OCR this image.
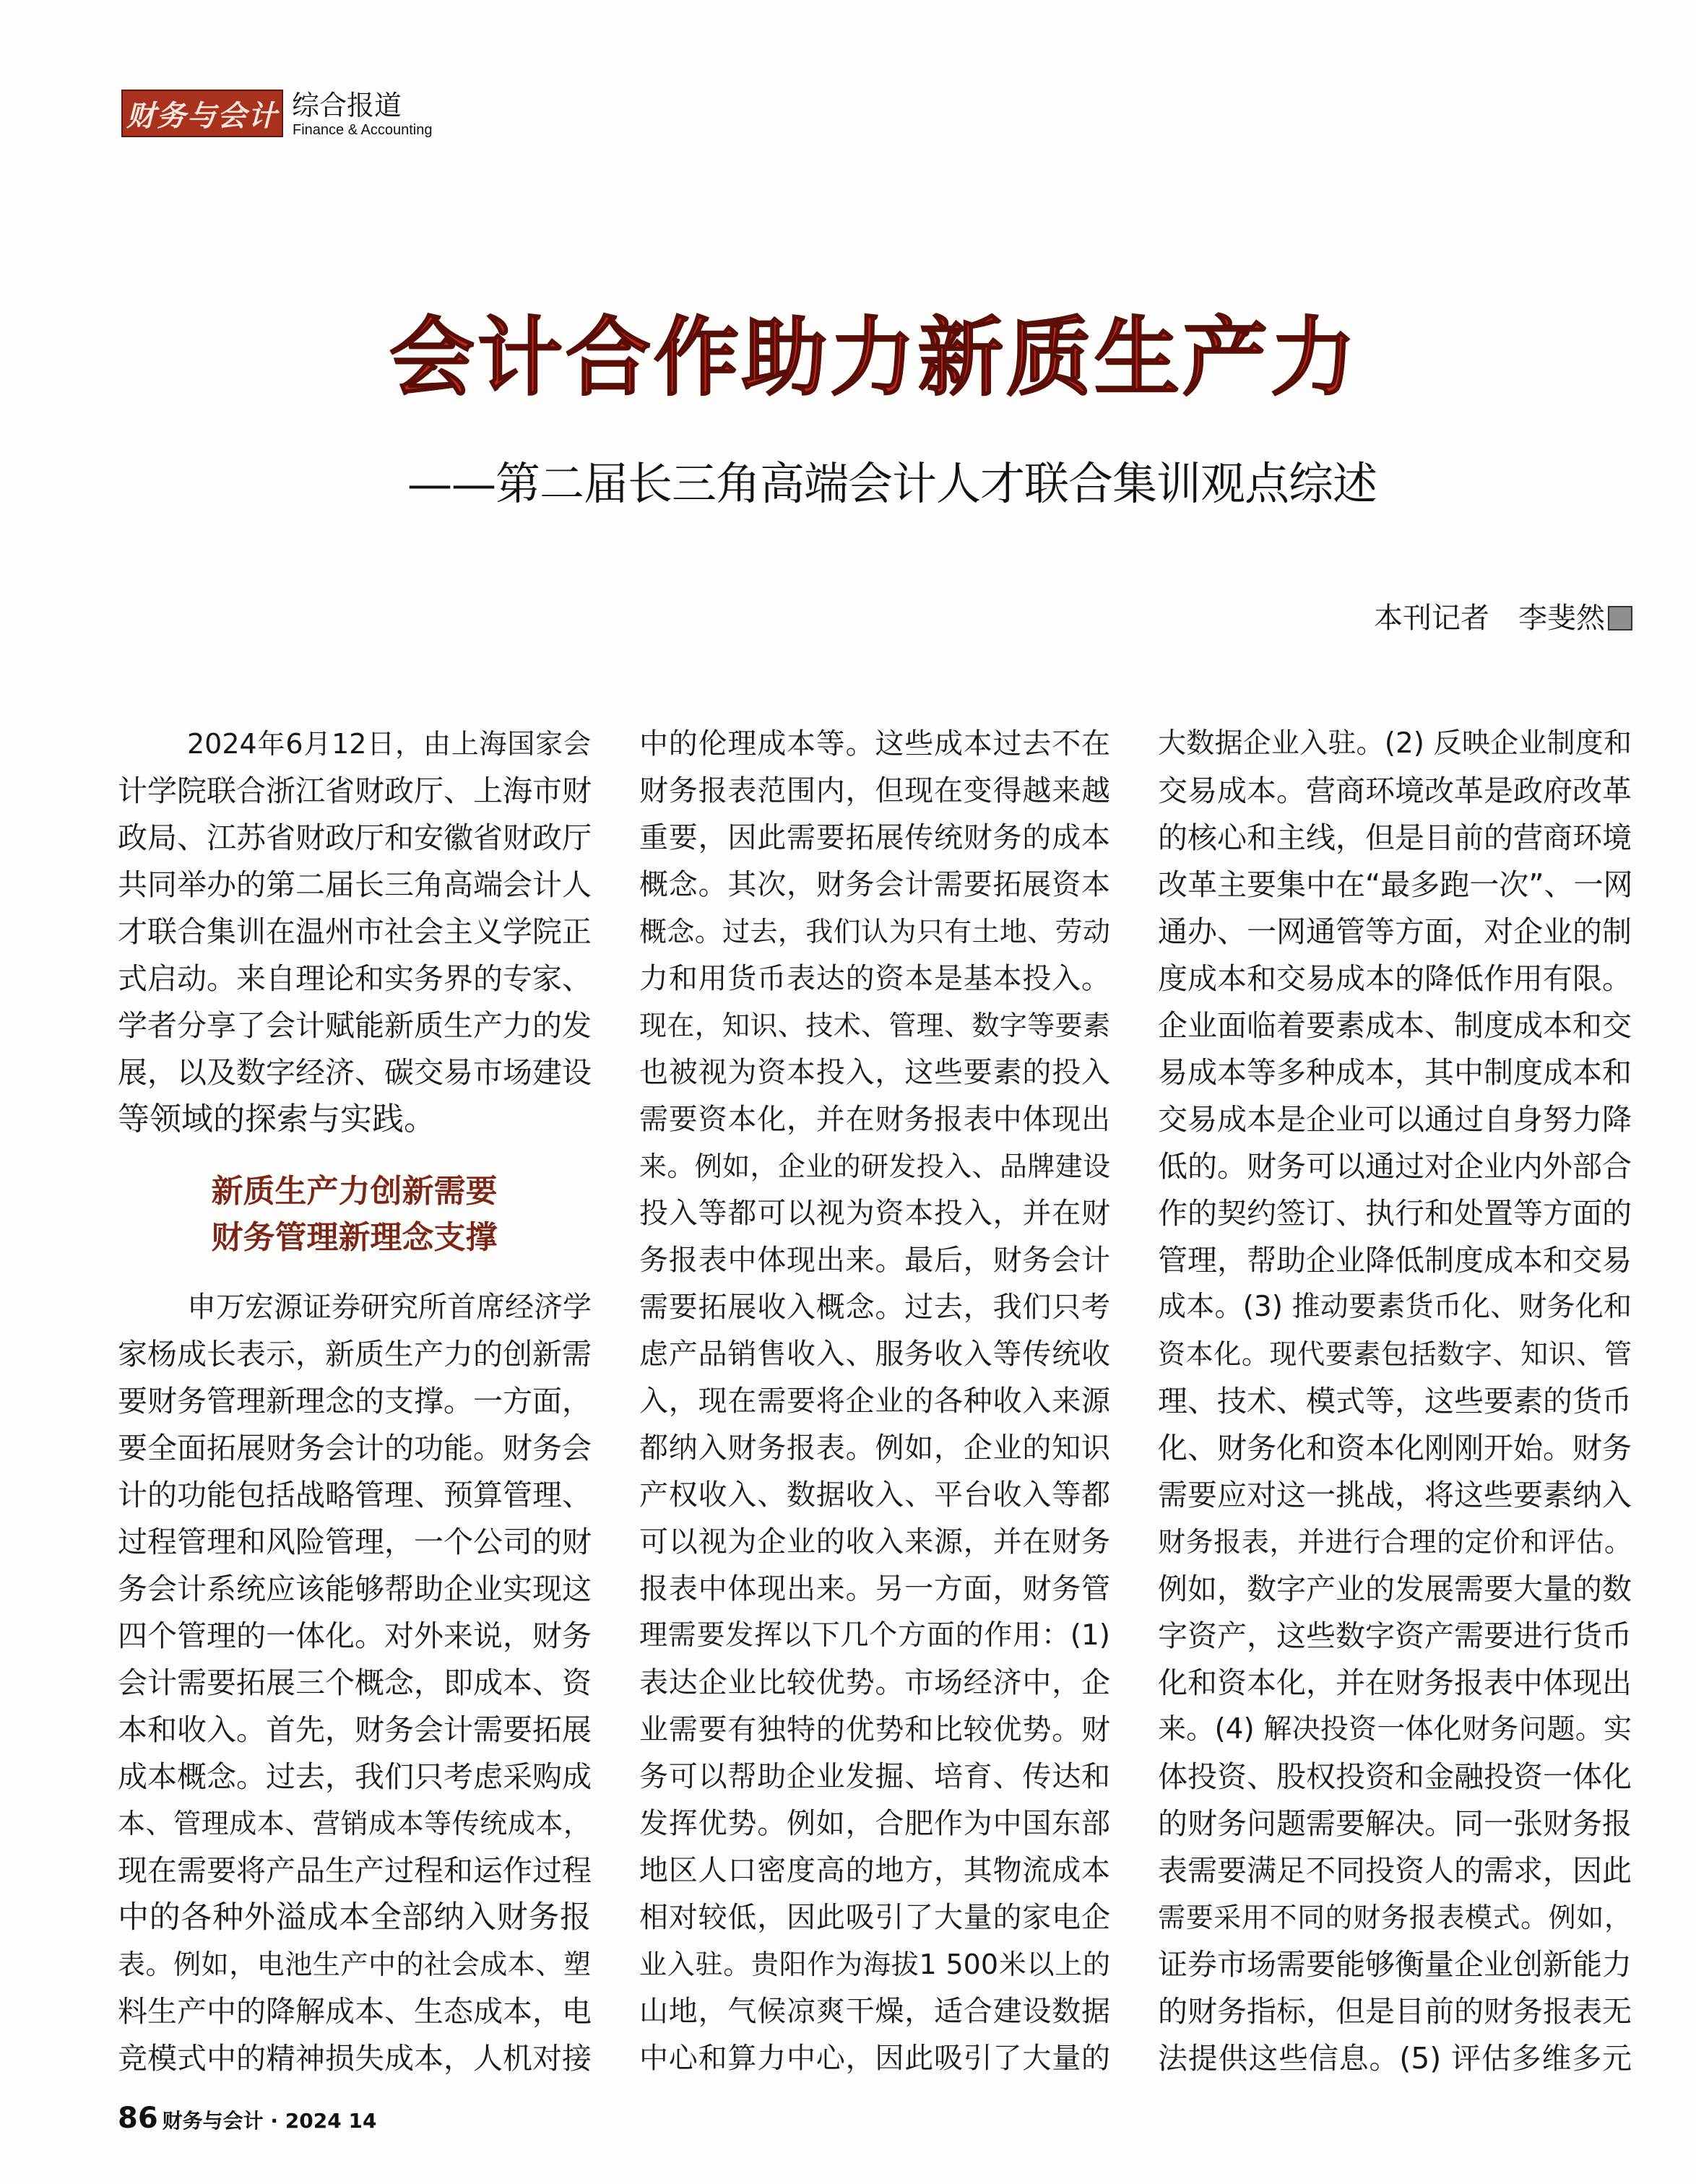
财务与会计 综合报道
Finance & Accounting
会计合作助力新质生产力
——第二届长三角高端会计人才联合集训观点综述
本刊记者 李斐然
2024年6月12日，由上海国家会
计学院联合浙江省财政厅、上海市财
政局、江苏省财政厅和安徽省财政厅
共同举办的第二届长三角高端会计人
才联合集训在温州市社会主义学院正
式启动。来自理论和实务界的专家、
学者分享了会计赋能新质生产力的发
展，以及数字经济、碳交易市场建设
等领域的探索与实践。
新质生产力创新需要
财务管理新理念支撑
申万宏源证券研究所首席经济学
家杨成长表示，新质生产力的创新需
要财务管理新理念的支撑。一方面，
要全面拓展财务会计的功能。财务会
计的功能包括战略管理、预算管理、
过程管理和风险管理，一个公司的财
务会计系统应该能够帮助企业实现这
四个管理的一体化。对外来说，财务
会计需要拓展三个概念，即成本、资
本和收入。首先，财务会计需要拓展
成本概念。过去，我们只考虑采购成
本、管理成本、营销成本等传统成本，
现在需要将产品生产过程和运作过程
中的各种外溢成本全部纳入财务报
表。例如，电池生产中的社会成本、塑
料生产中的降解成本、生态成本，电
竞模式中的精神损失成本，人机对接
中的伦理成本等。这些成本过去不在
财务报表范围内，但现在变得越来越
重要，因此需要拓展传统财务的成本
概念。其次，财务会计需要拓展资本
概念。过去，我们认为只有土地、劳动
力和用货币表达的资本是基本投入。
现在，知识、技术、管理、数字等要素
也被视为资本投入，这些要素的投入
需要资本化，并在财务报表中体现出
来。例如，企业的研发投入、品牌建设
投入等都可以视为资本投入，并在财
务报表中体现出来。最后，财务会计
需要拓展收入概念。过去，我们只考
虑产品销售收入、服务收入等传统收
入，现在需要将企业的各种收入来源
都纳入财务报表。例如，企业的知识
产权收入、数据收入、平台收入等都
可以视为企业的收入来源，并在财务
报表中体现出来。另一方面，财务管
理需要发挥以下几个方面的作用：(1)
表达企业比较优势。市场经济中，企
业需要有独特的优势和比较优势。财
务可以帮助企业发掘、培育、传达和
发挥优势。例如，合肥作为中国东部
地区人口密度高的地方，其物流成本
相对较低，因此吸引了大量的家电企
业入驻。贵阳作为海拔1 500米以上的
山地，气候凉爽干燥，适合建设数据
中心和算力中心，因此吸引了大量的
大数据企业入驻。(2) 反映企业制度和
交易成本。营商环境改革是政府改革
的核心和主线，但是目前的营商环境
改革主要集中在“最多跑一次”、一网
通办、一网通管等方面，对企业的制
度成本和交易成本的降低作用有限。
企业面临着要素成本、制度成本和交
易成本等多种成本，其中制度成本和
交易成本是企业可以通过自身努力降
低的。财务可以通过对企业内外部合
作的契约签订、执行和处置等方面的
管理，帮助企业降低制度成本和交易
成本。(3) 推动要素货币化、财务化和
资本化。现代要素包括数字、知识、管
理、技术、模式等，这些要素的货币
化、财务化和资本化刚刚开始。财务
需要应对这一挑战，将这些要素纳入
财务报表，并进行合理的定价和评估。
例如，数字产业的发展需要大量的数
字资产，这些数字资产需要进行货币
化和资本化，并在财务报表中体现出
来。(4) 解决投资一体化财务问题。实
体投资、股权投资和金融投资一体化
的财务问题需要解决。同一张财务报
表需要满足不同投资人的需求，因此
需要采用不同的财务报表模式。例如，
证券市场需要能够衡量企业创新能力
的财务指标，但是目前的财务报表无
法提供这些信息。(5) 评估多维多元
86 财务与会计 · 2024 14
